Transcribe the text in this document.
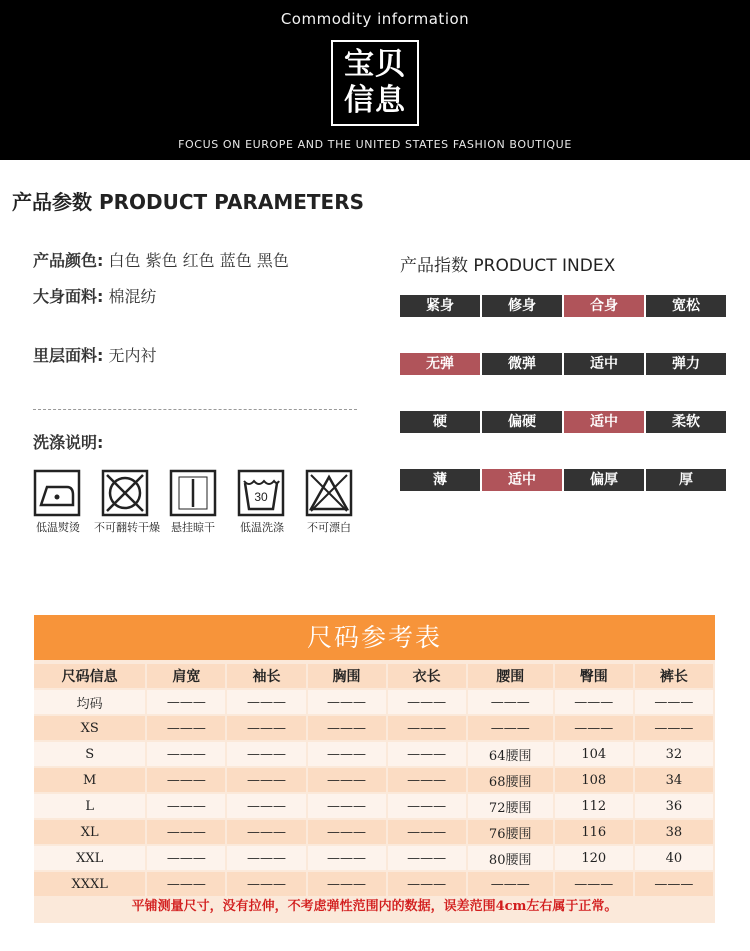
Commodity information
宝贝
信息
FOCUS ON EUROPE AND THE UNITED STATES FASHION BOUTIQUE
产品参数 PRODUCT PARAMETERS
产品颜色: 白色 紫色 红色 蓝色 黑色
大身面料: 棉混纺
里层面料: 无内衬
洗涤说明:
低温熨烫 不可翻转干燥	悬挂晾干
30
低温洗涤	不可漂白
产品指数 PRODUCT INDEX
紧身	修身	合身	宽松
无弹	微弹	适中	弹力
硬	偏硬	适中	柔软
薄	适中	偏厚	厚
尺码参考表
尺码信息	肩宽	袖长	胸围	衣长	腰围	臀围	裤长
均码	———	———	———	———	———	———	———
XS	———	———	———	———	———	———	———
S	———	———	———	———	64腰围	104	32
M	———	———	———	———	68腰围	108	34
L	———	———	———	———	72腰围	112	36
XL	———	———	———	———	76腰围	116	38
XXL	———	———	———	———	80腰围	120	40
XXXL	———	———	———	———	———	———	———
平铺测量尺寸，没有拉伸，不考虑弹性范围内的数据，误差范围4cm左右属于正常。
